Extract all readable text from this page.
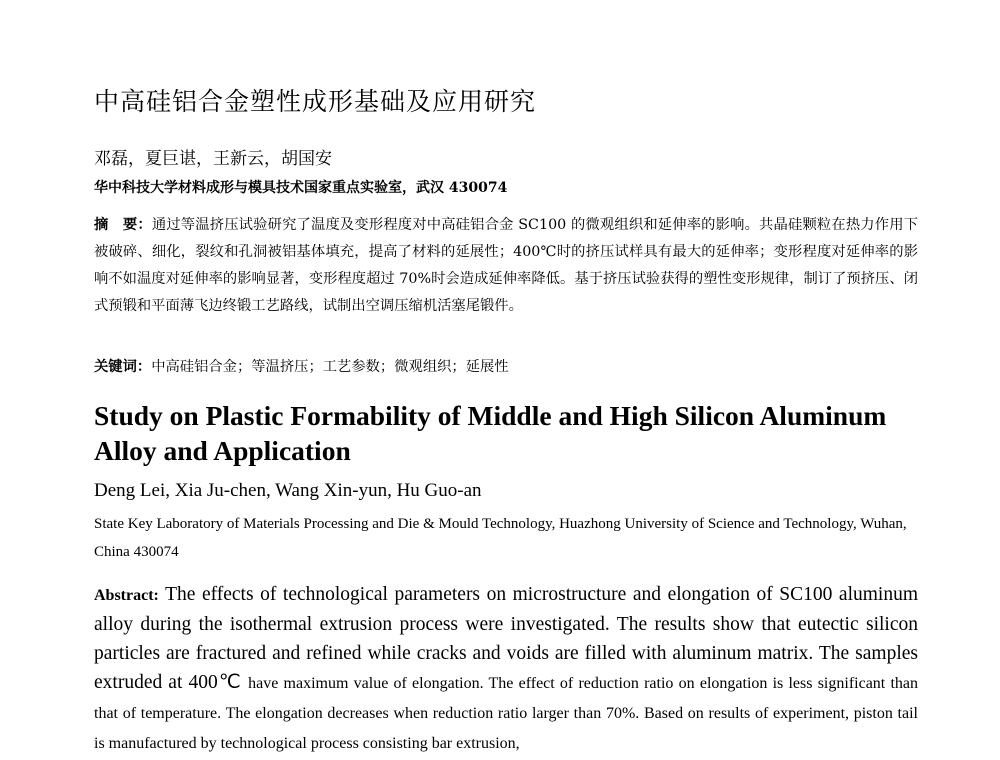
中高硅铝合金塑性成形基础及应用研究
邓磊，夏巨谌，王新云，胡国安
华中科技大学材料成形与模具技术国家重点实验室，武汉 430074
摘　要：通过等温挤压试验研究了温度及变形程度对中高硅铝合金 SC100 的微观组织和延伸率的影响。共晶硅颗粒在热力作用下被破碎、细化，裂纹和孔洞被铝基体填充，提高了材料的延展性；400℃时的挤压试样具有最大的延伸率；变形程度对延伸率的影响不如温度对延伸率的影响显著，变形程度超过 70%时会造成延伸率降低。基于挤压试验获得的塑性变形规律，制订了预挤压、闭式预锻和平面薄飞边终锻工艺路线，试制出空调压缩机活塞尾锻件。
关键词：中高硅铝合金；等温挤压；工艺参数；微观组织；延展性
Study on Plastic Formability of Middle and High Silicon Aluminum Alloy and Application
Deng Lei, Xia Ju-chen, Wang Xin-yun, Hu Guo-an
State Key Laboratory of Materials Processing and Die & Mould Technology, Huazhong University of Science and Technology, Wuhan, China 430074
Abstract: The effects of technological parameters on microstructure and elongation of SC100 aluminum alloy during the isothermal extrusion process were investigated. The results show that eutectic silicon particles are fractured and refined while cracks and voids are filled with aluminum matrix. The samples extruded at 400℃ have maximum value of elongation. The effect of reduction ratio on elongation is less significant than that of temperature. The elongation decreases when reduction ratio larger than 70%. Based on results of experiment, piston tail is manufactured by technological process consisting bar extrusion,
